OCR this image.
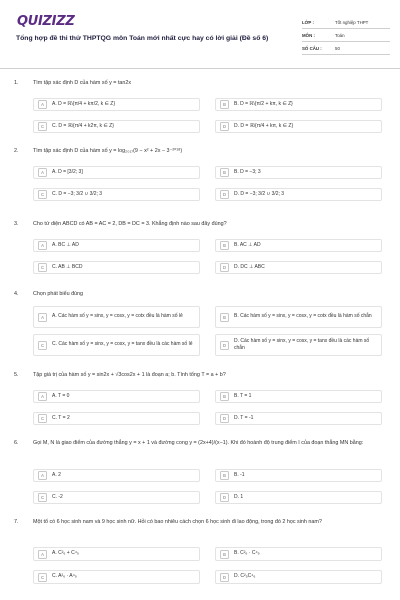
QUIZIZZ
Tổng hợp đề thi thử THPTQG môn Toán mới nhất cực hay có lời giải (Đề số 6)
LỚP :	Tốt nghiệp THPT
MÔN :	Toán
SỐ CÂU :	50
1.	Tìm tập xác định D của hàm số y = tan2x
A	A. D = ℝ\{π/4 + kπ/2, k ∈ Z}	B	B. D = ℝ\{π/2 + kπ, k ∈ Z}
C	C. D = ℝ\{π/4 + k2π, k ∈ Z}	D	D. D = ℝ\{π/4 + kπ, k ∈ Z}
2.	Tìm tập xác định D của hàm số y = log₂₀₁₇(9 − x² + 2x − 3⁻²⁰¹⁸)
A	A. D = [3/2; 3]	B	B. D = −3; 3
C	C. D = −3; 3/2 ∪ 3/2; 3	D	D. D = −3; 3/2 ∪ 3/2; 3
3.	Cho tứ diện ABCD có AB = AC = 2, DB = DC = 3. Khẳng định nào sau đây đúng?
A	A. BC ⊥ AD	B	B. AC ⊥ AD
C	C. AB ⊥ BCD	D	D. DC ⊥ ABC
4.	Chọn phát biểu đúng
A	A. Các hàm số y = sinx, y = cosx, y = cotx đều là hàm số lẻ	B	B. Các hàm số y = sinx, y = cosx, y = cotx đều là hàm số chẵn
C	C. Các hàm số y = sinx, y = cosx, y = tanx đều là các hàm số lẻ	D
D. Các hàm số y = sinx, y = cosx, y = tanx đều là các hàm số chẵn
5.	Tập giá trị của hàm số y = sin2x + √3cos2x + 1 là đoạn a; b. Tính tổng T = a + b?
A	A. T = 0	B	B. T = 1
C	C. T = 2	D	D. T = -1
6.	Gọi M, N là giao điểm của đường thẳng y = x + 1 và đường cong y = (2x+4)/(x−1). Khi đó hoành độ trung điểm I của đoạn thẳng MN bằng:
A	A. 2	B	B. -1
C	C. -2	D	D. 1
7.	Một tổ có 6 học sinh nam và 9 học sinh nữ. Hỏi có bao nhiêu cách chọn 6 học sinh đi lao động, trong đó 2 học sinh nam?
A	A. C²₆ + C⁴₉	B	B. C²₆ · C⁴₉
C	C. A²₆ · A⁴₉	D	D. C²₉C⁴₆
